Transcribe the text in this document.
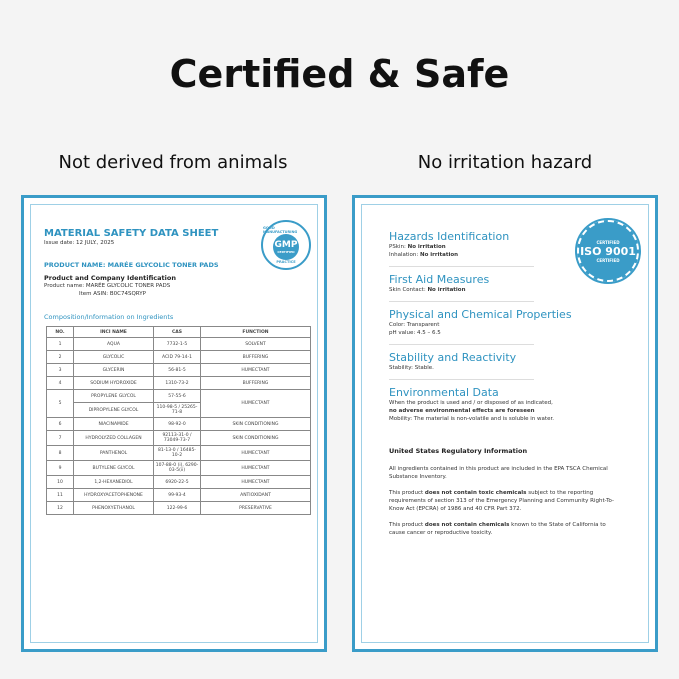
Certified & Safe
Not derived from animals	No irritation hazard
MATERIAL SAFETY DATA SHEET
Issue date: 12 JULY., 2025
PRODUCT NAME: MARÉE GLYCOLIC TONER PADS
Product and Company Identification
Product name: MARÉE GLYCOLIC TONER PADS
Item ASIN: B0C74SQRYP
Composition/Information on Ingredients
NO.	INCI NAME	CAS	FUNCTION
1	AQUA	7732-1-5	SOLVENT
2	GLYCOLIC	ACID 79-14-1	BUFFERING
3	GLYCERIN	56-81-5	HUMECTANT
4	SODIUM HYDROXIDE	1310-73-2	BUFFERING
5	PROPYLENE GLYCOL	57-55-6	HUMECTANT
	DIPROPYLENE GLYCOL	110-98-5 / 25265-71-8	
6	NIACINAMIDE	98-92-0	SKIN CONDITIONING
7	HYDROLYZED COLLAGEN	92113-31-0 / 73049-73-7	SKIN CONDITIONING
8	PANTHENOL	81-13-0 / 16485-10-2	HUMECTANT
9	BUTYLENE GLYCOL	107-88-0 (i), 6290-03-5(ii)	HUMECTANT
10	1,2-HEXANEDIOL	6920-22-5	HUMECTANT
11	HYDROXYACETOPHENONE	99-93-4	ANTIOXIDANT
12	PHENOXYETHANOL	122-99-6	PRESERVATIVE
GOOD MANUFACTURING
GMP
CERTIFIED
PRACTICE
CERTIFIED
ISO 9001
CERTIFIED
Hazards Identification
PSkin: No irritation
Inhalation: No irritation
First Aid Measures
Skin Contact: No irritation
Physical and Chemical Properties
Color: Transparent
pH value: 4.5 – 6.5
Stability and Reactivity
Stability: Stable.
Environmental Data
When the product is used and / or disposed of as indicated,
no adverse environmental effects are foreseen
Mobility: The material is non-volatile and is soluble in water.
United States Regulatory Information
All ingredients contained in this product are included in the EPA TSCA Chemical Substance Inventory.
This product does not contain toxic chemicals subject to the reporting requirements of section 313 of the Emergency Planning and Community Right-To-Know Act (EPCRA) of 1986 and 40 CFR Part 372.
This product does not contain chemicals known to the State of California to cause cancer or reproductive toxicity.
